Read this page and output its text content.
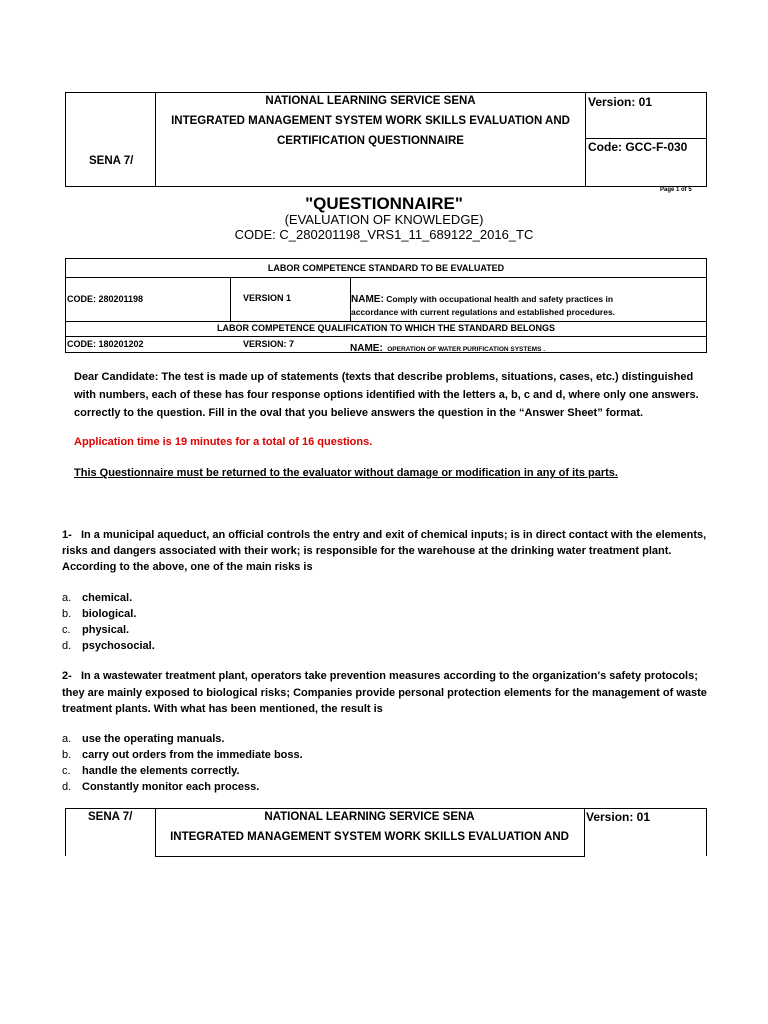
SENA 7/
NATIONAL LEARNING SERVICE SENA
INTEGRATED MANAGEMENT SYSTEM WORK SKILLS EVALUATION AND
CERTIFICATION QUESTIONNAIRE
Version: 01
Code: GCC-F-030
Page 1 of 5
"QUESTIONNAIRE"
(EVALUATION OF KNOWLEDGE)
CODE: C_280201198_VRS1_11_689122_2016_TC
LABOR COMPETENCE STANDARD TO BE EVALUATED
CODE: 280201198	VERSION 1	NAME: Comply with occupational health and safety practices in
accordance with current regulations and established procedures.
LABOR COMPETENCE QUALIFICATION TO WHICH THE STANDARD BELONGS
CODE: 180201202	VERSION: 7	NAME: OPERATION OF WATER PURIFICATION SYSTEMS .
Dear Candidate: The test is made up of statements (texts that describe problems, situations, cases, etc.) distinguished
with numbers, each of these has four response options identified with the letters a, b, c and d, where only one answers.
correctly to the question. Fill in the oval that you believe answers the question in the “Answer Sheet” format.
Application time is 19 minutes for a total of 16 questions.
This Questionnaire must be returned to the evaluator without damage or modification in any of its parts.
1- In a municipal aqueduct, an official controls the entry and exit of chemical inputs; is in direct contact with the elements,
risks and dangers associated with their work; is responsible for the warehouse at the drinking water treatment plant.
According to the above, one of the main risks is
a. chemical.
b. biological.
c. physical.
d. psychosocial.
2- In a wastewater treatment plant, operators take prevention measures according to the organization's safety protocols;
they are mainly exposed to biological risks; Companies provide personal protection elements for the management of waste
treatment plants. With what has been mentioned, the result is
a. use the operating manuals.
b. carry out orders from the immediate boss.
c. handle the elements correctly.
d. Constantly monitor each process.
SENA 7/	NATIONAL LEARNING SERVICE SENA
INTEGRATED MANAGEMENT SYSTEM WORK SKILLS EVALUATION AND
Version: 01
